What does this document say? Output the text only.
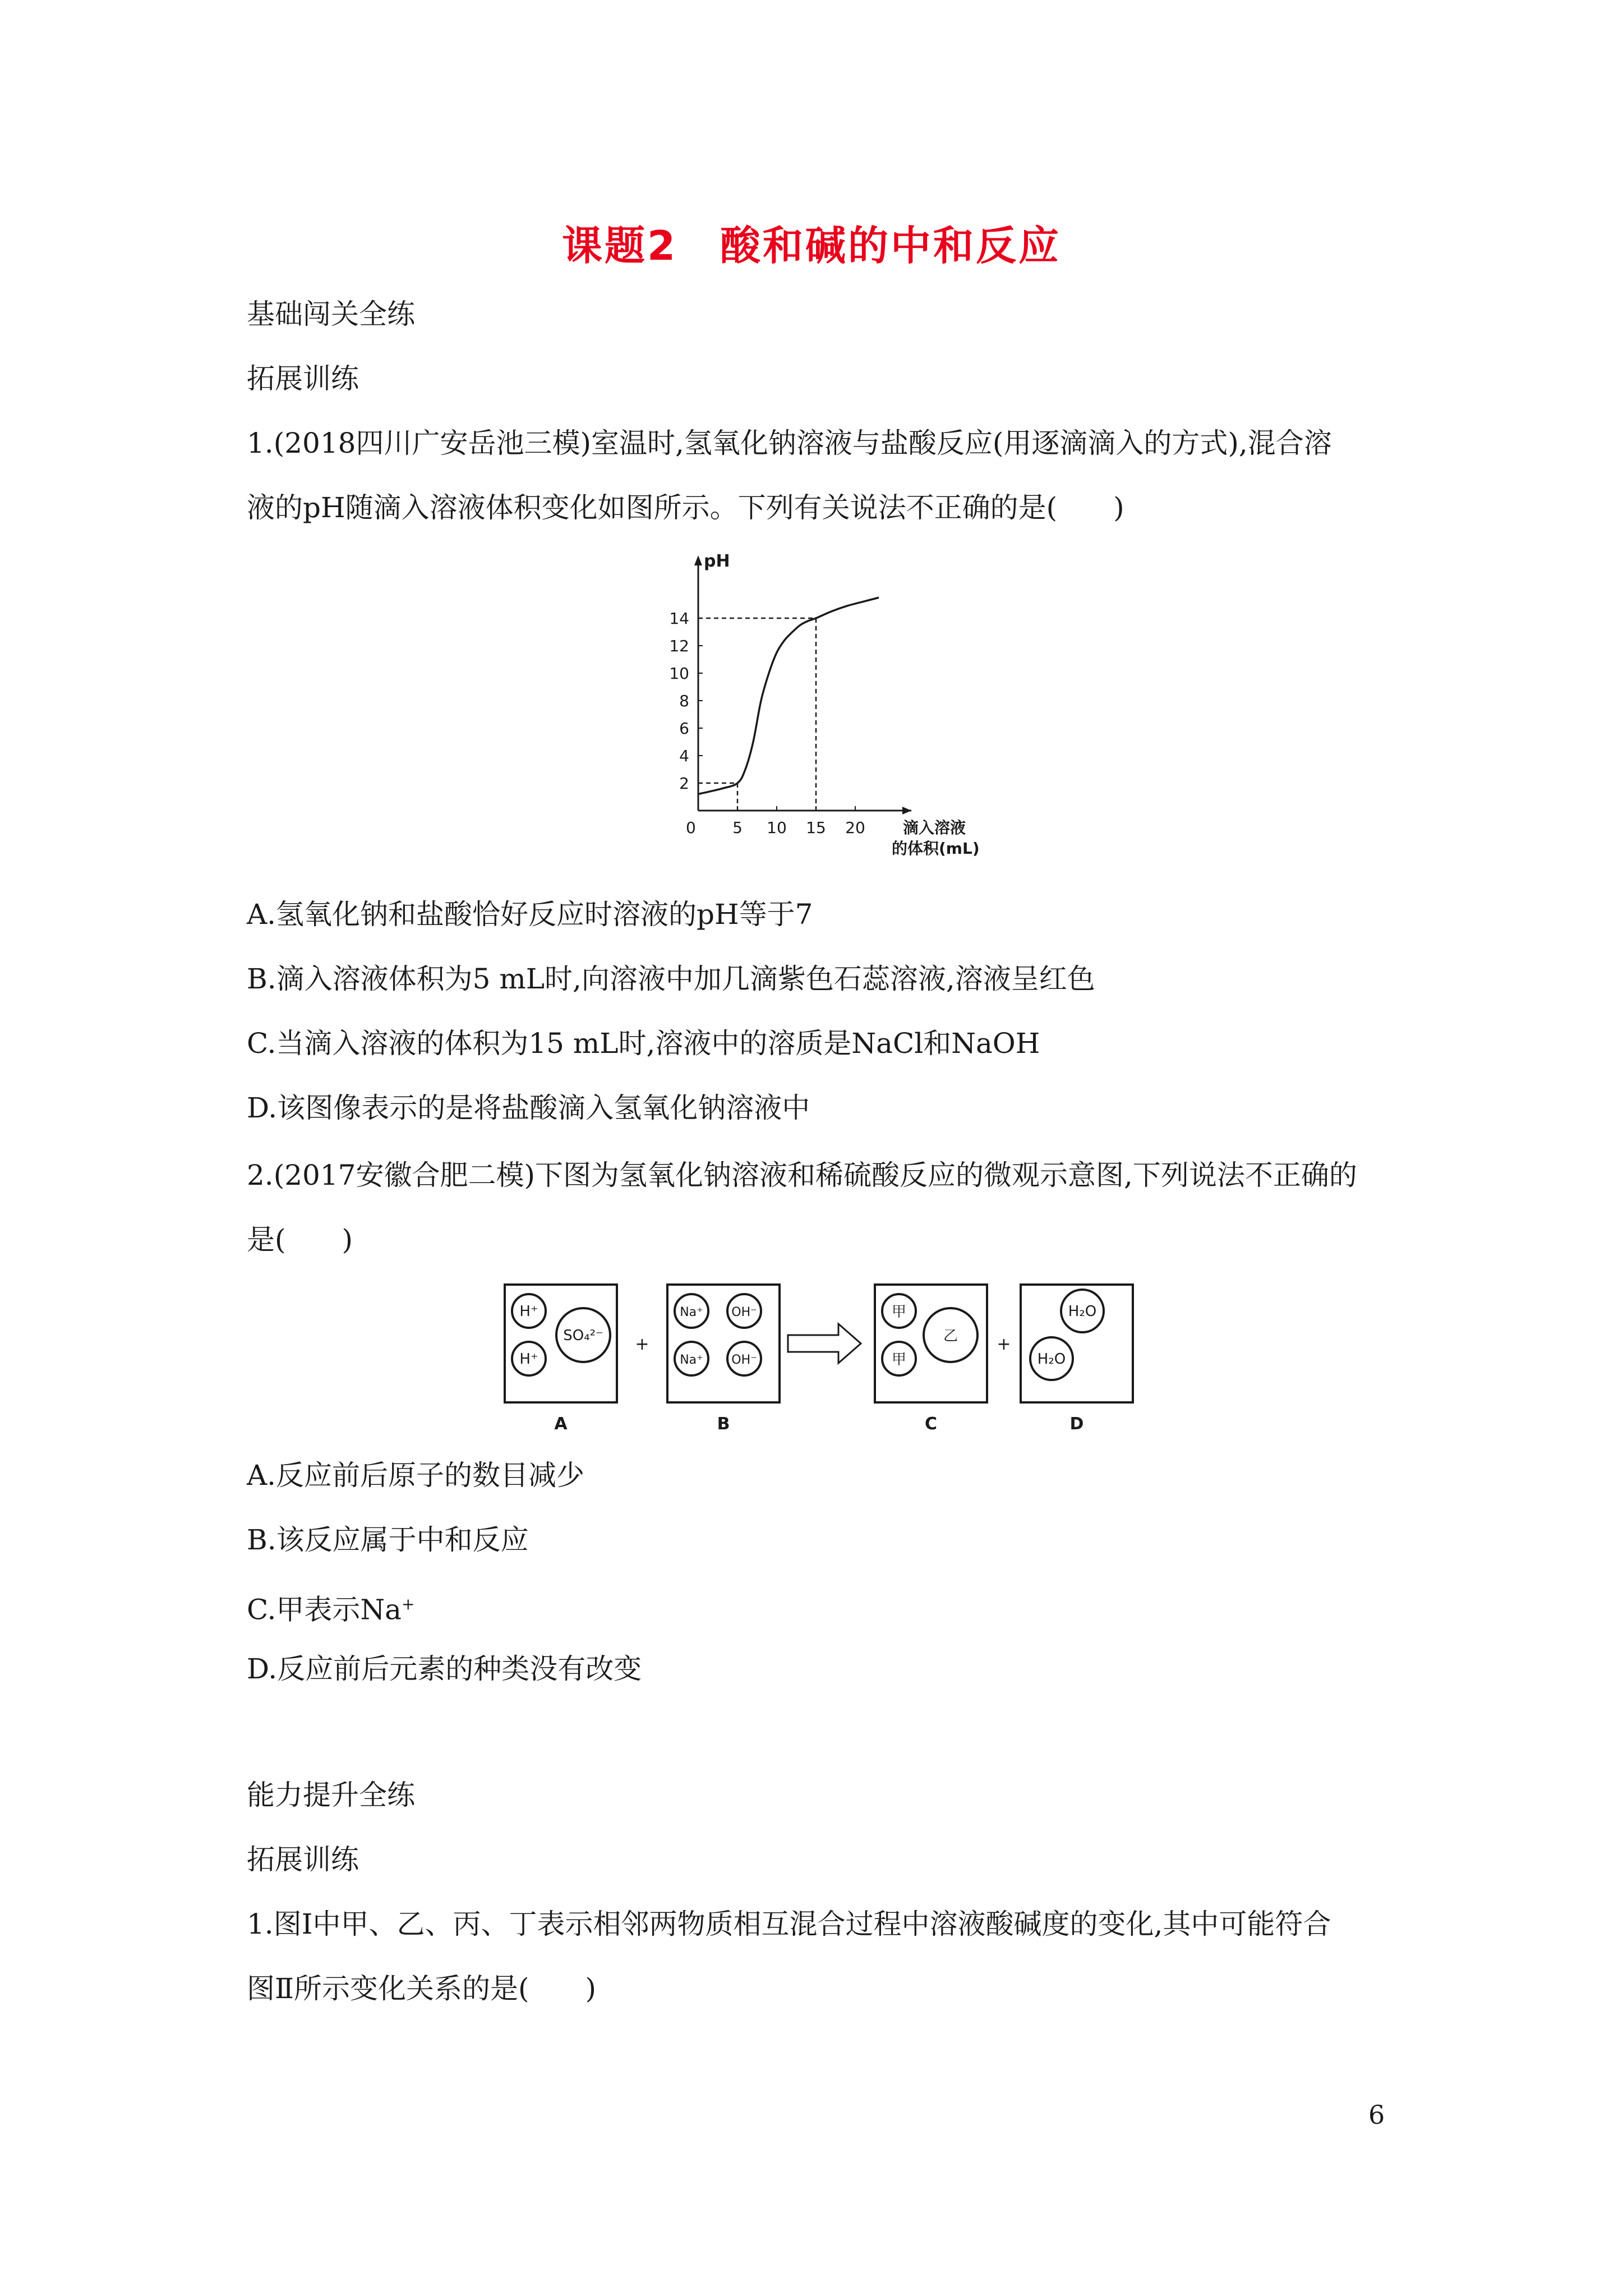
课题2　酸和碱的中和反应
基础闯关全练
拓展训练
1.(2018四川广安岳池三模)室温时,氢氧化钠溶液与盐酸反应(用逐滴滴入的方式),混合溶
液的pH随滴入溶液体积变化如图所示。下列有关说法不正确的是(　　)
0 5 10 15 20
2
4
6
8
10
12
14
pH
滴入溶液
的体积(mL)
A.氢氧化钠和盐酸恰好反应时溶液的pH等于7
B.滴入溶液体积为5 mL时,向溶液中加几滴紫色石蕊溶液,溶液呈红色
C.当滴入溶液的体积为15 mL时,溶液中的溶质是NaCl和NaOH
D.该图像表示的是将盐酸滴入氢氧化钠溶液中
2.(2017安徽合肥二模)下图为氢氧化钠溶液和稀硫酸反应的微观示意图,下列说法不正确的
是(　　)
H⁺
H⁺
SO₄²⁻
Na⁺
Na⁺
OH⁻
OH⁻
甲
甲
乙
H₂O
H₂O
+	+
A	B	C	D
A.反应前后原子的数目减少
B.该反应属于中和反应
C.甲表示Na+
D.反应前后元素的种类没有改变
能力提升全练
拓展训练
1.图Ⅰ中甲、乙、丙、丁表示相邻两物质相互混合过程中溶液酸碱度的变化,其中可能符合
图Ⅱ所示变化关系的是(　　)
6
